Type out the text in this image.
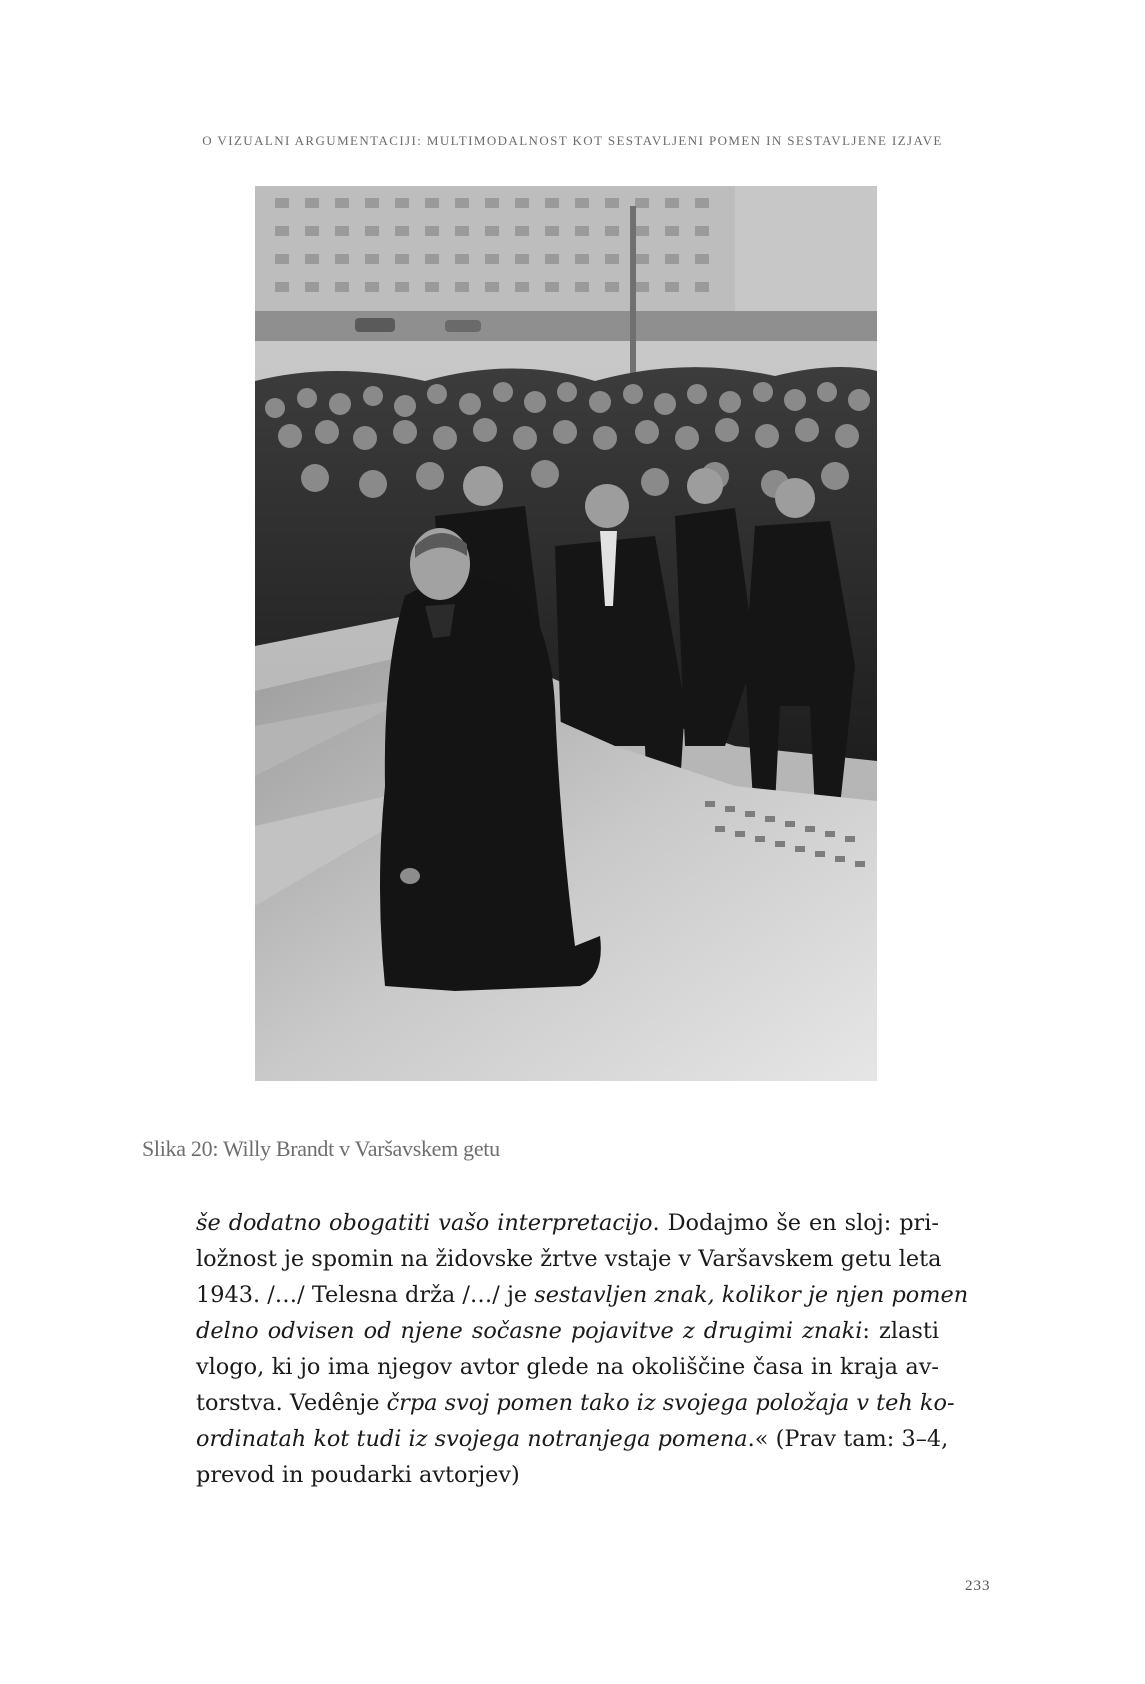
O VIZUALNI ARGUMENTACIJI: MULTIMODALNOST KOT SESTAVLJENI POMEN IN SESTAVLJENE IZJAVE
Slika 20: Willy Brandt v Varšavskem getu

še dodatno obogatiti vašo interpretacijo. Dodajmo še en sloj: pri-

ložnost je spomin na židovske žrtve vstaje v Varšavskem getu leta

1943. /…/ Telesna drža /…/ je sestavljen znak, kolikor je njen pomen

delno odvisen od njene sočasne pojavitve z drugimi znaki: zlasti

vlogo, ki jo ima njegov avtor glede na okoliščine časa in kraja av-

torstva. Vedênje črpa svoj pomen tako iz svojega položaja v teh ko-

ordinatah kot tudi iz svojega notranjega pomena.« (Prav tam: 3–4,

prevod in poudarki avtorjev)

233
